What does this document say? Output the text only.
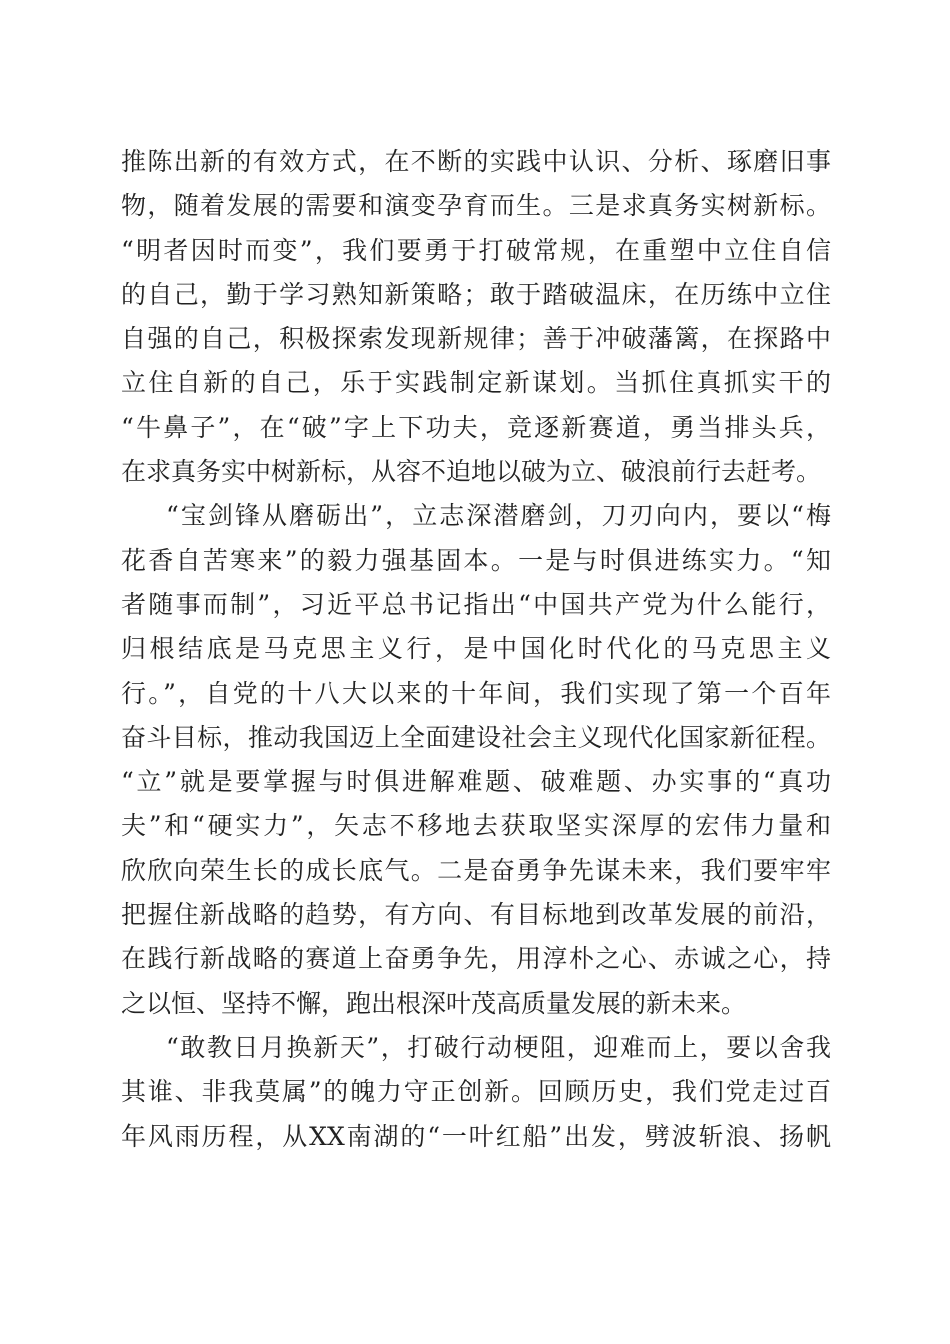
推陈出新的有效方式，在不断的实践中认识、分析、琢磨旧事
物，随着发展的需要和演变孕育而生。三是求真务实树新标。
“明者因时而变”，我们要勇于打破常规，在重塑中立住自信
的自己，勤于学习熟知新策略；敢于踏破温床，在历练中立住
自强的自己，积极探索发现新规律；善于冲破藩篱，在探路中
立住自新的自己，乐于实践制定新谋划。当抓住真抓实干的
“牛鼻子”，在“破”字上下功夫，竞逐新赛道，勇当排头兵，
在求真务实中树新标，从容不迫地以破为立、破浪前行去赶考。
“宝剑锋从磨砺出”，立志深潜磨剑，刀刃向内，要以“梅
花香自苦寒来”的毅力强基固本。一是与时俱进练实力。“知
者随事而制”，习近平总书记指出“中国共产党为什么能行，
归根结底是马克思主义行，是中国化时代化的马克思主义
行。”，自党的十八大以来的十年间，我们实现了第一个百年
奋斗目标，推动我国迈上全面建设社会主义现代化国家新征程。
“立”就是要掌握与时俱进解难题、破难题、办实事的“真功
夫”和“硬实力”，矢志不移地去获取坚实深厚的宏伟力量和
欣欣向荣生长的成长底气。二是奋勇争先谋未来，我们要牢牢
把握住新战略的趋势，有方向、有目标地到改革发展的前沿，
在践行新战略的赛道上奋勇争先，用淳朴之心、赤诚之心，持
之以恒、坚持不懈，跑出根深叶茂高质量发展的新未来。
“敢教日月换新天”，打破行动梗阻，迎难而上，要以舍我
其谁、非我莫属”的魄力守正创新。回顾历史，我们党走过百
年风雨历程，从XX南湖的“一叶红船”出发，劈波斩浪、扬帆
